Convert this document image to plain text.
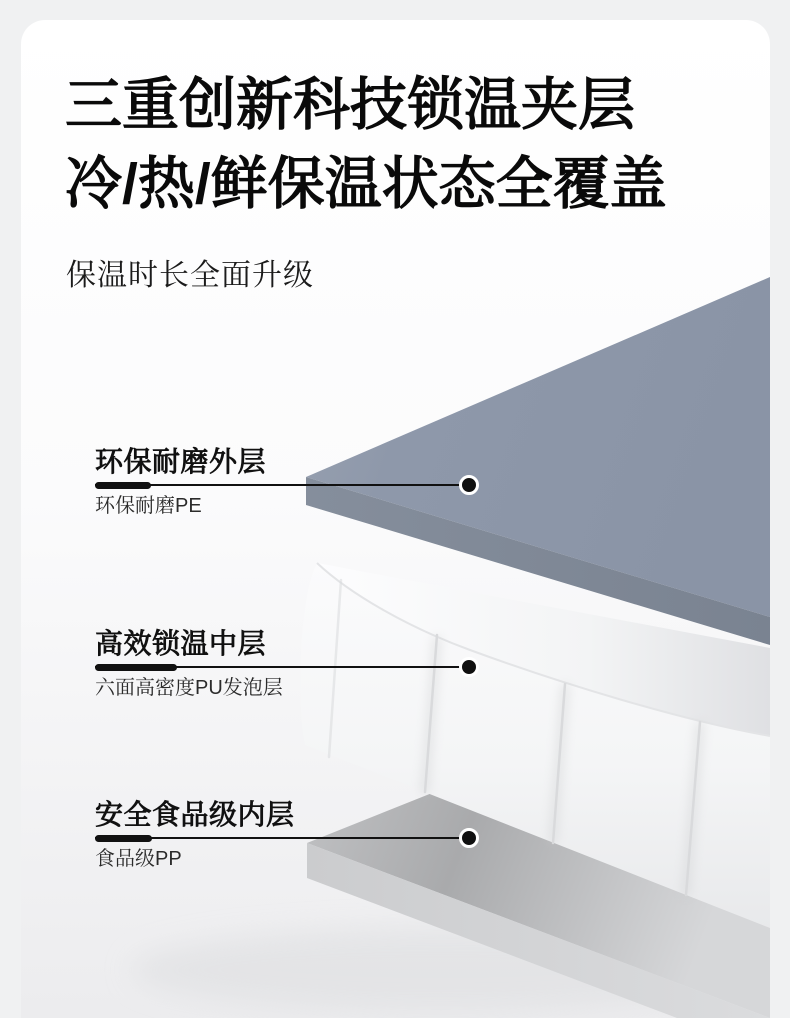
三重创新科技锁温夹层
冷/热/鲜保温状态全覆盖
保温时长全面升级
环保耐磨外层
环保耐磨PE
高效锁温中层
六面高密度PU发泡层
安全食品级内层
食品级PP
